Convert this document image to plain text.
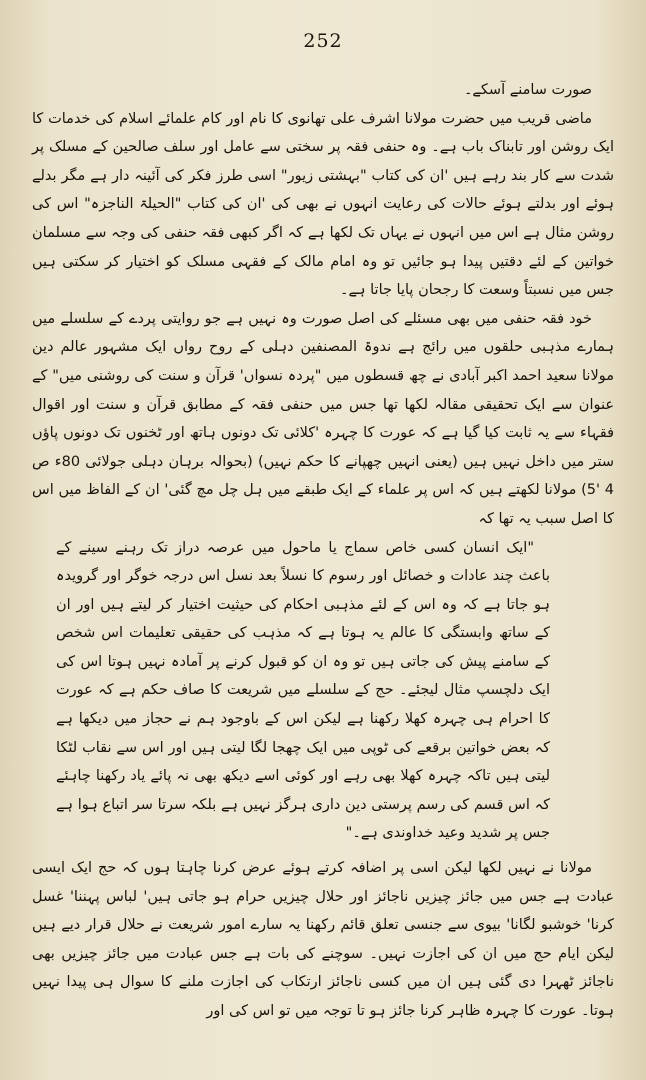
252

صورت سامنے آسکے۔

ماضی قریب میں حضرت مولانا اشرف علی تھانوی کا نام اور کام علمائے اسلام کی خدمات کا ایک روشن اور تابناک باب ہے۔ وہ حنفی فقہ پر سختی سے عامل اور سلف صالحین کے مسلک پر شدت سے کار بند رہے ہیں 'ان کی کتاب "بہشتی زیور" اسی طرز فکر کی آئینہ دار ہے مگر بدلے ہوئے اور بدلتے ہوئے حالات کی رعایت انہوں نے بھی کی 'ان کی کتاب "الحیلۃ الناجزہ" اس کی روشن مثال ہے اس میں انہوں نے یہاں تک لکھا ہے کہ اگر کبھی فقہ حنفی کی وجہ سے مسلمان خواتین کے لئے دقتیں پیدا ہو جائیں تو وہ امام مالک کے فقہی مسلک کو اختیار کر سکتی ہیں جس میں نسبتاً وسعت کا رجحان پایا جاتا ہے۔

خود فقہ حنفی میں بھی مسئلے کی اصل صورت وہ نہیں ہے جو روایتی پردے کے سلسلے میں ہمارے مذہبی حلقوں میں رائج ہے ندوۃ المصنفین دہلی کے روح رواں ایک مشہور عالم دین مولانا سعید احمد اکبر آبادی نے چھ قسطوں میں "پردہ نسواں' قرآن و سنت کی روشنی میں" کے عنوان سے ایک تحقیقی مقالہ لکھا تھا جس میں حنفی فقہ کے مطابق قرآن و سنت اور اقوال فقہاء سے یہ ثابت کیا گیا ہے کہ عورت کا چہرہ 'کلائی تک دونوں ہاتھ اور ٹخنوں تک دونوں پاؤں ستر میں داخل نہیں ہیں (یعنی انہیں چھپانے کا حکم نہیں) (بحوالہ برہان دہلی جولائی 80ء ص 4 '5) مولانا لکھتے ہیں کہ اس پر علماء کے ایک طبقے میں ہل چل مچ گئی' ان کے الفاظ میں اس کا اصل سبب یہ تھا کہ

"ایک انسان کسی خاص سماج یا ماحول میں عرصہ دراز تک رہنے سینے کے باعث چند عادات و خصائل اور رسوم کا نسلاً بعد نسل اس درجہ خوگر اور گرویدہ ہو جاتا ہے کہ وہ اس کے لئے مذہبی احکام کی حیثیت اختیار کر لیتے ہیں اور ان کے ساتھ وابستگی کا عالم یہ ہوتا ہے کہ مذہب کی حقیقی تعلیمات اس شخص کے سامنے پیش کی جاتی ہیں تو وہ ان کو قبول کرنے پر آمادہ نہیں ہوتا اس کی ایک دلچسپ مثال لیجئے۔ حج کے سلسلے میں شریعت کا صاف حکم ہے کہ عورت کا احرام ہی چہرہ کھلا رکھنا ہے لیکن اس کے باوجود ہم نے حجاز میں دیکھا ہے کہ بعض خواتین برقعے کی ٹوپی میں ایک چھجا لگا لیتی ہیں اور اس سے نقاب لٹکا لیتی ہیں تاکہ چہرہ کھلا بھی رہے اور کوئی اسے دیکھ بھی نہ پائے یاد رکھنا چاہئے کہ اس قسم کی رسم پرستی دین داری ہرگز نہیں ہے بلکہ سرتا سر اتباع ہوا ہے جس پر شدید وعید خداوندی ہے۔"

مولانا نے نہیں لکھا لیکن اسی پر اضافہ کرتے ہوئے عرض کرنا چاہتا ہوں کہ حج ایک ایسی عبادت ہے جس میں جائز چیزیں ناجائز اور حلال چیزیں حرام ہو جاتی ہیں' لباس پہننا' غسل کرنا' خوشبو لگانا' بیوی سے جنسی تعلق قائم رکھنا یہ سارے امور شریعت نے حلال قرار دیے ہیں لیکن ایام حج میں ان کی اجازت نہیں۔ سوچنے کی بات ہے جس عبادت میں جائز چیزیں بھی ناجائز ٹھہرا دی گئی ہیں ان میں کسی ناجائز ارتکاب کی اجازت ملنے کا سوال ہی پیدا نہیں ہوتا۔ عورت کا چہرہ ظاہر کرنا جائز ہو تا توجہ میں تو اس کی اور
